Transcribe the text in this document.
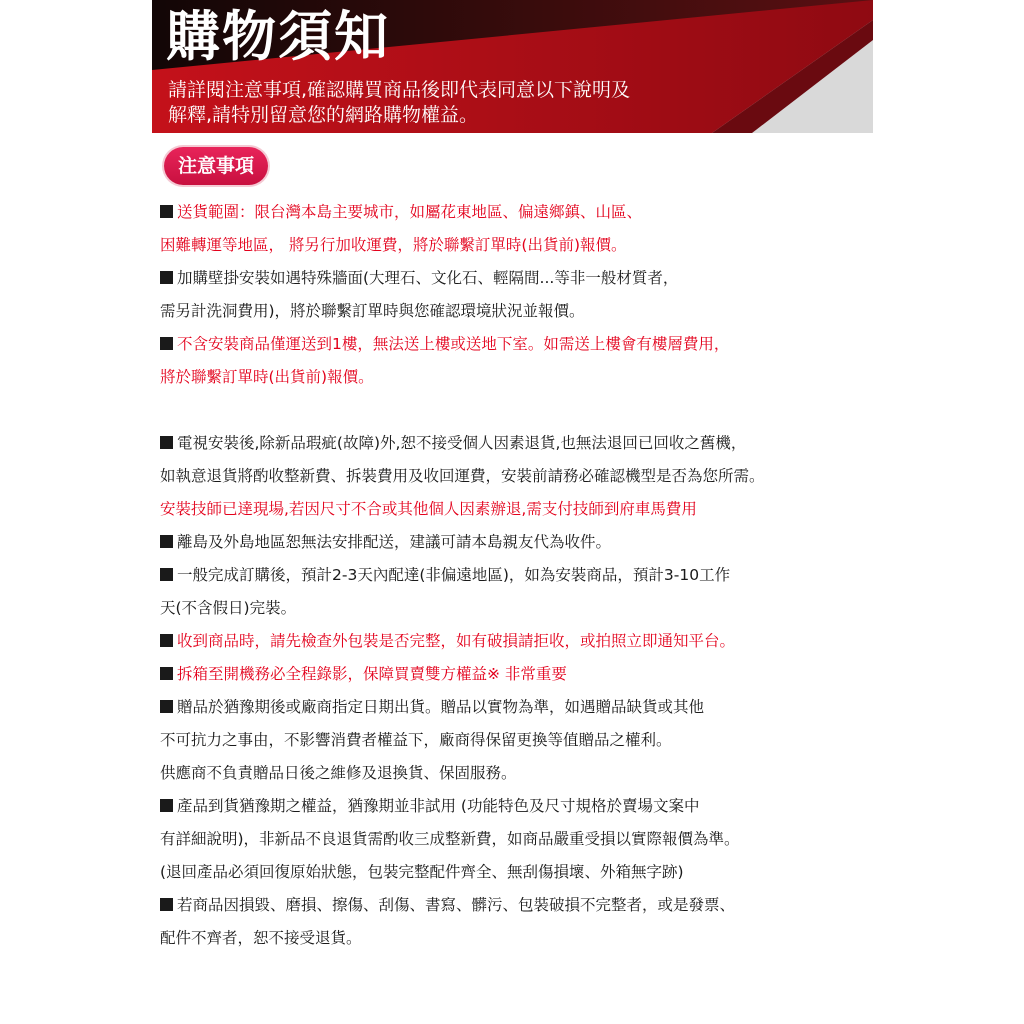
購物須知

請詳閱注意事項,確認購買商品後即代表同意以下說明及
解釋,請特別留意您的網路購物權益。

注意事項
送貨範圍：限台灣本島主要城市，如屬花東地區、偏遠鄉鎮、山區、
困難轉運等地區， 將另行加收運費，將於聯繫訂單時(出貨前)報價。
加購壁掛安裝如遇特殊牆面(大理石、文化石、輕隔間...等非一般材質者，
需另計洗洞費用)，將於聯繫訂單時與您確認環境狀況並報價。
不含安裝商品僅運送到1樓，無法送上樓或送地下室。如需送上樓會有樓層費用，
將於聯繫訂單時(出貨前)報價。
電視安裝後,除新品瑕疵(故障)外,恕不接受個人因素退貨,也無法退回已回收之舊機，
如執意退貨將酌收整新費、拆裝費用及收回運費，安裝前請務必確認機型是否為您所需。
安裝技師已達現場,若因尺寸不合或其他個人因素辦退,需支付技師到府車馬費用
離島及外島地區恕無法安排配送，建議可請本島親友代為收件。
一般完成訂購後，預計2-3天內配達(非偏遠地區)，如為安裝商品，預計3-10工作
天(不含假日)完裝。
收到商品時，請先檢查外包裝是否完整，如有破損請拒收，或拍照立即通知平台。
拆箱至開機務必全程錄影，保障買賣雙方權益※ 非常重要
贈品於猶豫期後或廠商指定日期出貨。贈品以實物為準，如遇贈品缺貨或其他
不可抗力之事由，不影響消費者權益下，廠商得保留更換等值贈品之權利。
供應商不負責贈品日後之維修及退換貨、保固服務。
產品到貨猶豫期之權益，猶豫期並非試用 (功能特色及尺寸規格於賣場文案中
有詳細說明)，非新品不良退貨需酌收三成整新費，如商品嚴重受損以實際報價為準。
(退回產品必須回復原始狀態，包裝完整配件齊全、無刮傷損壞、外箱無字跡)
若商品因損毀、磨損、擦傷、刮傷、書寫、髒污、包裝破損不完整者，或是發票、
配件不齊者，恕不接受退貨。
